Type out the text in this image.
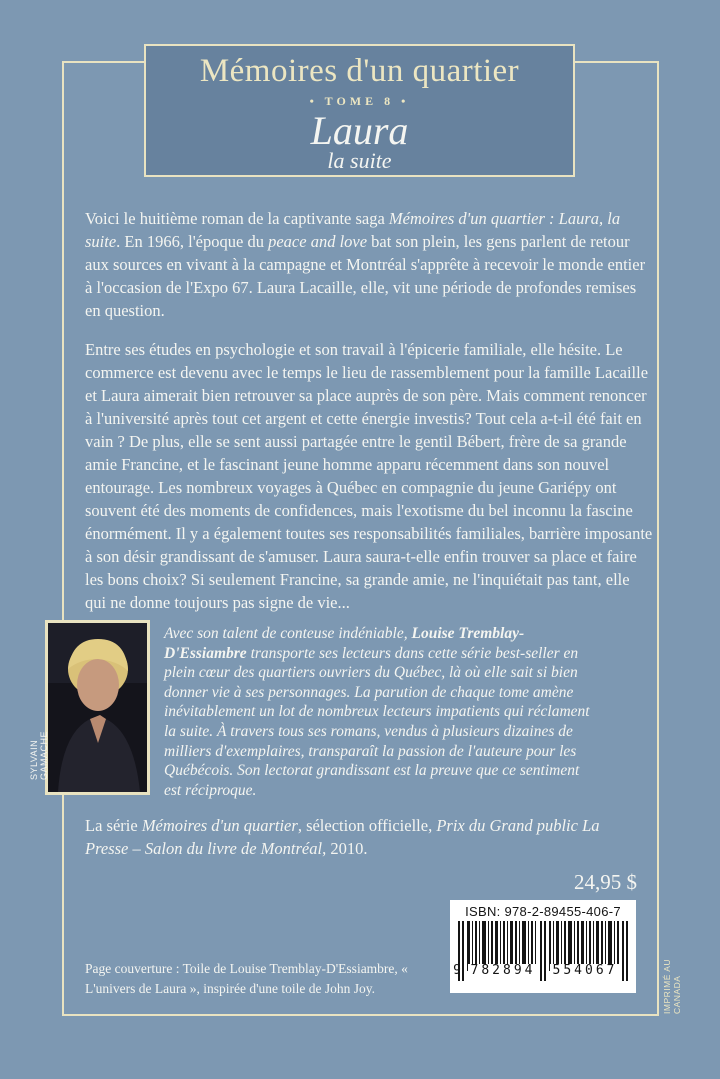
Mémoires d'un quartier
• TOME 8 •
Laura
la suite
Voici le huitième roman de la captivante saga Mémoires d'un quartier : Laura, la suite. En 1966, l'époque du peace and love bat son plein, les gens parlent de retour aux sources en vivant à la campagne et Montréal s'apprête à recevoir le monde entier à l'occasion de l'Expo 67. Laura Lacaille, elle, vit une période de profondes remises en question.
Entre ses études en psychologie et son travail à l'épicerie familiale, elle hésite. Le commerce est devenu avec le temps le lieu de rassemblement pour la famille Lacaille et Laura aimerait bien retrouver sa place auprès de son père. Mais comment renoncer à l'université après tout cet argent et cette énergie investis? Tout cela a-t-il été fait en vain ? De plus, elle se sent aussi partagée entre le gentil Bébert, frère de sa grande amie Francine, et le fascinant jeune homme apparu récemment dans son nouvel entourage. Les nombreux voyages à Québec en compagnie du jeune Gariépy ont souvent été des moments de confidences, mais l'exotisme du bel inconnu la fascine énormément. Il y a également toutes ses responsabilités familiales, barrière imposante à son désir grandissant de s'amuser. Laura saura-t-elle enfin trouver sa place et faire les bons choix? Si seulement Francine, sa grande amie, ne l'inquiétait pas tant, elle qui ne donne toujours pas signe de vie...
SYLVAIN GAMACHE
Avec son talent de conteuse indéniable, Louise Tremblay-D'Essiambre transporte ses lecteurs dans cette série best-seller en plein cœur des quartiers ouvriers du Québec, là où elle sait si bien donner vie à ses personnages. La parution de chaque tome amène inévitablement un lot de nombreux lecteurs impatients qui réclament la suite. À travers tous ses romans, vendus à plusieurs dizaines de milliers d'exemplaires, transparaît la passion de l'auteure pour les Québécois. Son lectorat grandissant est la preuve que ce sentiment est réciproque.
La série Mémoires d'un quartier, sélection officielle, Prix du Grand public La Presse – Salon du livre de Montréal, 2010.
24,95 $
ISBN: 978-2-89455-406-7
9 782894 554067	IMPRIMÉ AU CANADA
Page couverture : Toile de Louise Tremblay-D'Essiambre, « L'univers de Laura », inspirée d'une toile de John Joy.
